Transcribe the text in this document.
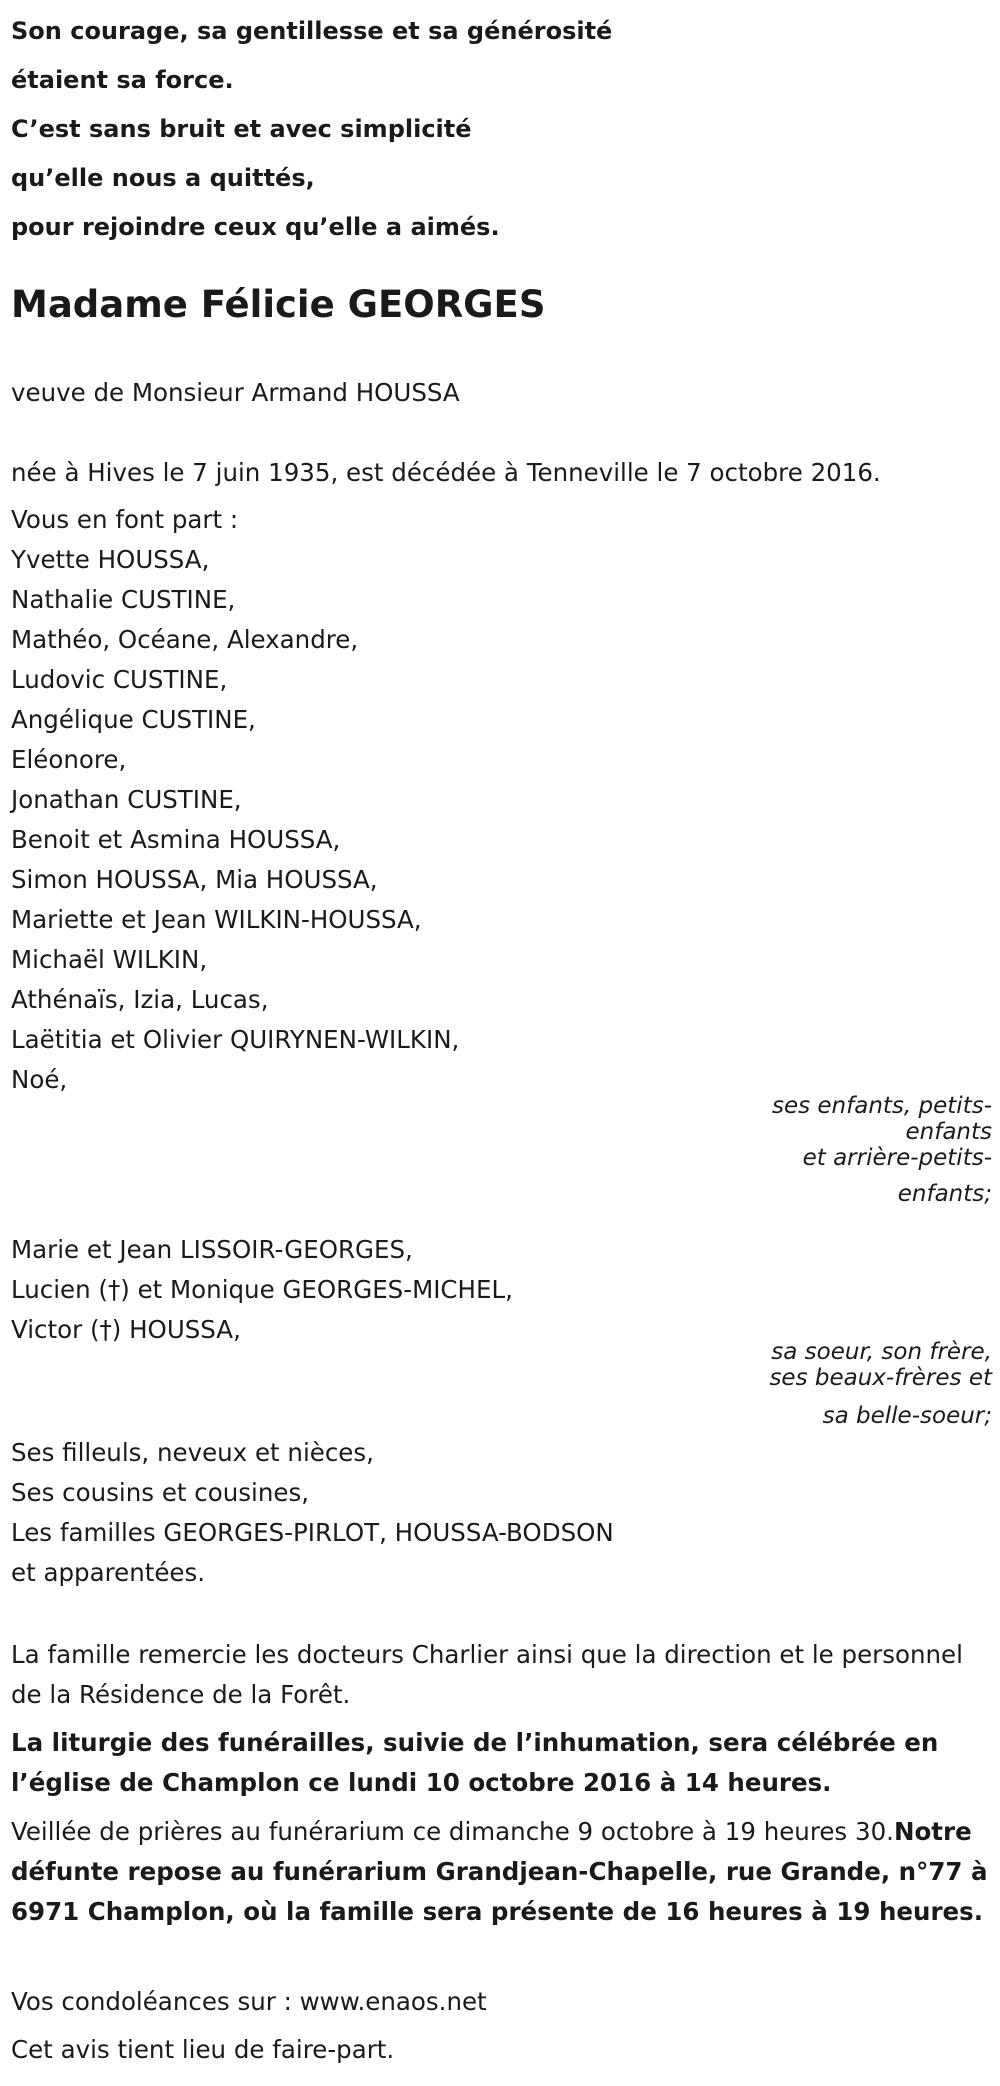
Son courage, sa gentillesse et sa générosité
étaient sa force.
C’est sans bruit et avec simplicité
qu’elle nous a quittés,
pour rejoindre ceux qu’elle a aimés.
Madame Félicie GEORGES
veuve de Monsieur Armand HOUSSA
née à Hives le 7 juin 1935, est décédée à Tenneville le 7 octobre 2016.
Vous en font part :
Yvette HOUSSA,
Nathalie CUSTINE,
Mathéo, Océane, Alexandre,
Ludovic CUSTINE,
Angélique CUSTINE,
Eléonore,
Jonathan CUSTINE,
Benoit et Asmina HOUSSA,
Simon HOUSSA, Mia HOUSSA,
Mariette et Jean WILKIN-HOUSSA,
Michaël WILKIN,
Athénaïs, Izia, Lucas,
Laëtitia et Olivier QUIRYNEN-WILKIN,
Noé,
ses enfants, petits-
enfants
et arrière-petits-
enfants;
Marie et Jean LISSOIR-GEORGES,
Lucien (†) et Monique GEORGES-MICHEL,
Victor (†) HOUSSA,
sa soeur, son frère,
ses beaux-frères et
sa belle-soeur;
Ses filleuls, neveux et nièces,
Ses cousins et cousines,
Les familles GEORGES-PIRLOT, HOUSSA-BODSON
et apparentées.

La famille remercie les docteurs Charlier ainsi que la direction et le personnel de la Résidence de la Forêt.

La liturgie des funérailles, suivie de l’inhumation, sera célébrée en l’église de Champlon ce lundi 10 octobre 2016 à 14 heures.

Veillée de prières au funérarium ce dimanche 9 octobre à 19 heures 30.Notre défunte repose au funérarium Grandjean-Chapelle, rue Grande, n°77 à 6971 Champlon, où la famille sera présente de 16 heures à 19 heures.

Vos condoléances sur : www.enaos.net

Cet avis tient lieu de faire-part.
